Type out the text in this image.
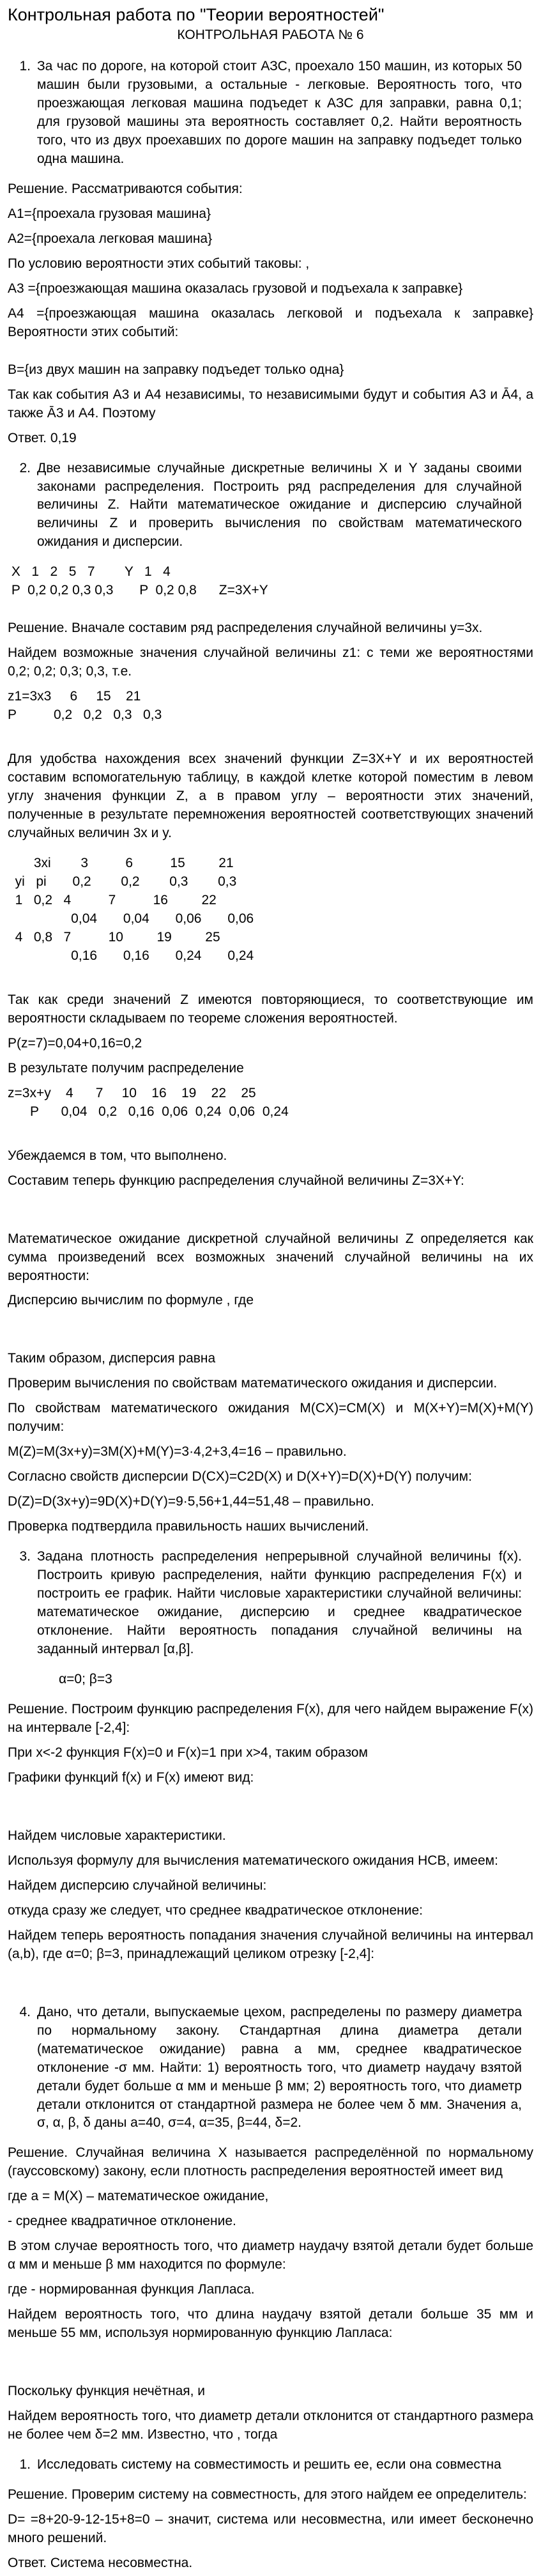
Контрольная работа по "Теории вероятностей"
КОНТРОЛЬНАЯ РАБОТА № 6
1. За час по дороге, на которой стоит АЗС, проехало 150 машин, из которых 50 машин были грузовыми, а остальные - легковые. Вероятность того, что проезжающая легковая машина подъедет к АЗС для заправки, равна 0,1; для грузовой машины эта вероятность составляет 0,2. Найти вероятность того, что из двух проехавших по дороге машин на заправку подъедет только одна машина.

Решение. Рассматриваются события:

A1={проехала грузовая машина}

A2={проехала легковая машина}

По условию вероятности этих событий таковы: ,

A3 ={проезжающая машина оказалась грузовой и подъехала к заправке}

A4 ={проезжающая машина оказалась легковой и подъехала к заправке} Вероятности этих событий:

B={из двух машин на заправку подъедет только одна}

Так как события A3 и A4 независимы, то независимыми будут и события A3 и Ā4, а также Ā3 и A4. Поэтому

Ответ. 0,19

2. Две независимые случайные дискретные величины X и Y заданы своими законами распределения. Построить ряд распределения для случайной величины Z. Найти математическое ожидание и дисперсию случайной величины Z и проверить вычисления по свойствам математического ожидания и дисперсии.
X   1   2   5   7        Y   1   4
P  0,2 0,2 0,3 0,3       P  0,2 0,8      Z=3X+Y

Решение. Вначале составим ряд распределения случайной величины y=3x.

Найдем возможные значения случайной величины z1: с теми же вероятностями 0,2; 0,2; 0,3; 0,3, т.е.

z1=3x3     6     15    21
P          0,2   0,2   0,3   0,3

Для удобства нахождения всех значений функции Z=3X+Y и их вероятностей составим вспомогательную таблицу, в каждой клетке которой поместим в левом углу значения функции Z, а в правом углу – вероятности этих значений, полученные в результате перемножения вероятностей соответствующих значений случайных величин 3x и y.

3xi        3          6          15         21
yi   pi       0,2        0,2        0,3        0,3
1   0,2   4          7          16         22
0,04       0,04       0,06       0,06
4   0,8   7          10         19         25
0,16       0,16       0,24       0,24

Так как среди значений Z имеются повторяющиеся, то соответствующие им вероятности складываем по теореме сложения вероятностей.

P(z=7)=0,04+0,16=0,2

В результате получим распределение

z=3x+y    4      7     10    16    19    22    25
P      0,04   0,2   0,16  0,06  0,24  0,06  0,24

Убеждаемся в том, что выполнено.

Составим теперь функцию распределения случайной величины Z=3X+Y:

Математическое ожидание дискретной случайной величины Z определяется как сумма произведений всех возможных значений случайной величины на их вероятности:

Дисперсию вычислим по формуле , где

Таким образом, дисперсия равна

Проверим вычисления по свойствам математического ожидания и дисперсии.

По свойствам математического ожидания M(CX)=CM(X) и M(X+Y)=M(X)+M(Y) получим:

M(Z)=M(3x+y)=3M(X)+M(Y)=3·4,2+3,4=16 – правильно.

Согласно свойств дисперсии D(CX)=C2D(X) и D(X+Y)=D(X)+D(Y) получим:

D(Z)=D(3x+y)=9D(X)+D(Y)=9·5,56+1,44=51,48 – правильно.

Проверка подтвердила правильность наших вычислений.

3. Задана плотность распределения непрерывной случайной величины f(x). Построить кривую распределения, найти функцию распределения F(x) и построить ее график. Найти числовые характеристики случайной величины: математическое ожидание, дисперсию и среднее квадратическое отклонение. Найти вероятность попадания случайной величины на заданный интервал [α,β].

α=0; β=3

Решение. Построим функцию распределения F(x), для чего найдем выражение F(x) на интервале [-2,4]:

При x<-2 функция F(x)=0 и F(x)=1 при x>4, таким образом

Графики функций f(x) и F(x) имеют вид:

Найдем числовые характеристики.

Используя формулу для вычисления математического ожидания НСВ, имеем:

Найдем дисперсию случайной величины:

откуда сразу же следует, что среднее квадратическое отклонение:

Найдем теперь вероятность попадания значения случайной величины на интервал (a,b), где α=0; β=3, принадлежащий целиком отрезку [-2,4]:

4. Дано, что детали, выпускаемые цехом, распределены по размеру диаметра по нормальному закону. Стандартная длина диаметра детали (математическое ожидание) равна a мм, среднее квадратическое отклонение -σ мм. Найти: 1) вероятность того, что диаметр наудачу взятой детали будет больше α мм и меньше β мм; 2) вероятность того, что диаметр детали отклонится от стандартной размера не более чем δ мм. Значения a, σ, α, β, δ даны a=40, σ=4, α=35, β=44, δ=2.

Решение. Случайная величина X называется распределённой по нормальному (гауссовскому) закону, если плотность распределения вероятностей имеет вид

где a = M(X) – математическое ожидание,

- среднее квадратичное отклонение.

В этом случае вероятность того, что диаметр наудачу взятой детали будет больше α мм и меньше β мм находится по формуле:

где - нормированная функция Лапласа.

Найдем вероятность того, что длина наудачу взятой детали больше 35 мм и меньше 55 мм, используя нормированную функцию Лапласа:

Поскольку функция нечётная, и

Найдем вероятность того, что диаметр детали отклонится от стандартного размера не более чем δ=2 мм. Известно, что , тогда

1. Исследовать систему на совместимость и решить ее, если она совместна

Решение. Проверим систему на совместность, для этого найдем ее определитель:

D= =8+20-9-12-15+8=0 – значит, система или несовместна, или имеет бесконечно много решений.

Ответ. Система несовместна.
